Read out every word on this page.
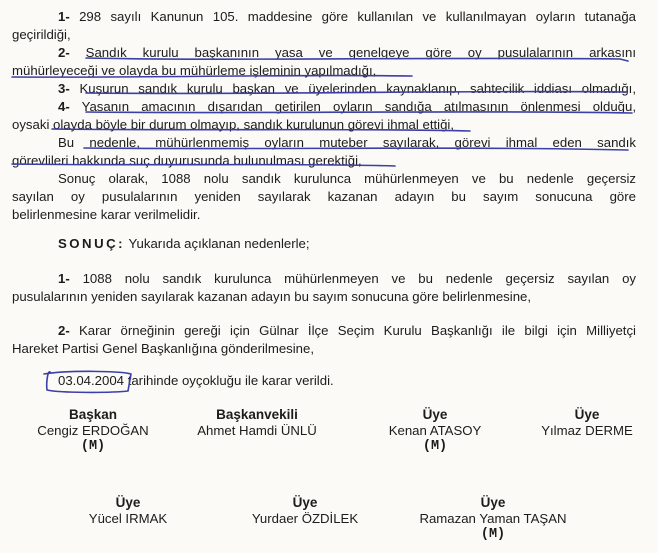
1- 298 sayılı Kanunun 105. maddesine göre kullanılan ve kullanılmayan oyların tutanağa
geçirildiği,
2- Sandık kurulu başkanının yasa ve genelgeye göre oy pusulalarının arkasını
mühürleyeceği ve olayda bu mühürleme işleminin yapılmadığı,
3- Kuşurun sandık kurulu başkan ve üyelerinden kaynaklanıp, sahtecilik iddiası olmadığı,
4- Yasanın amacının dışarıdan getirilen oyların sandığa atılmasının önlenmesi olduğu,
oysaki olayda böyle bir durum olmayıp, sandık kurulunun görevi ihmal ettiği,
Bu nedenle, mühürlenmemiş oyların muteber sayılarak, görevi ihmal eden sandık
görevlileri hakkında suç duyurusunda bulunulması gerektiği,
Sonuç olarak, 1088 nolu sandık kurulunca mühürlenmeyen ve bu nedenle geçersiz
sayılan oy pusulalarının yeniden sayılarak kazanan adayın bu sayım sonucuna göre
belirlenmesine karar verilmelidir.
SONUÇ: Yukarıda açıklanan nedenlerle;
1- 1088 nolu sandık kurulunca mühürlenmeyen ve bu nedenle geçersiz sayılan oy
pusulalarının yeniden sayılarak kazanan adayın bu sayım sonucuna göre belirlenmesine,
2- Karar örneğinin gereği için Gülnar İlçe Seçim Kurulu Başkanlığı ile bilgi için Milliyetçi
Hareket Partisi Genel Başkanlığına gönderilmesine,
03.04.2004 tarihinde oyçokluğu ile karar verildi.
Başkan
Cengiz ERDOĞAN
(M)
Başkanvekili
Ahmet Hamdi ÜNLÜ
Üye
Kenan ATASOY
(M)
Üye
Yılmaz DERME
Üye
Yücel IRMAK
Üye
Yurdaer ÖZDİLEK
Üye
Ramazan Yaman TAŞAN
(M)
